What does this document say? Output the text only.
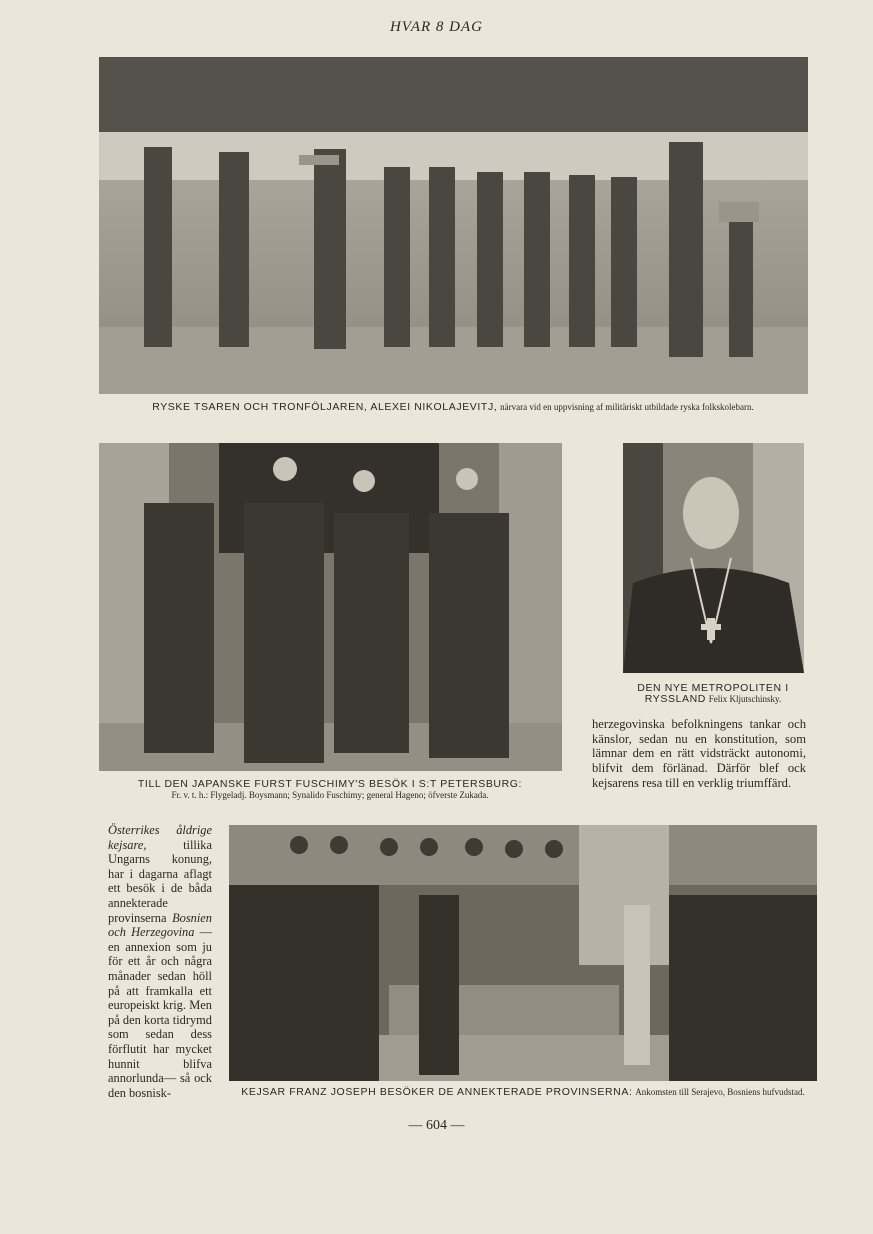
HVAR 8 DAG
RYSKE TSAREN OCH TRONFÖLJAREN, ALEXEI NIKOLAJEVITJ, närvara vid en uppvisning af militäriskt utbildade ryska folkskolebarn.
TILL DEN JAPANSKE FURST FUSCHIMY'S BESÖK I S:T PETERSBURG:
Fr. v. t. h.: Flygeladj. Boysmann; Synalido Fuschimy; general Hageno; öfverste Zukada.
DEN NYE METROPOLITEN I RYSSLAND Felix Kljutschinsky.
herzegovinska befolkningens tankar och känslor, sedan nu en konstitution, som lämnar dem en rätt vidsträckt autonomi, blifvit dem förlänad. Därför blef ock kejsarens resa till en verklig triumffärd.
Österrikes åldrige kejsare,	tillika Ungarns konung, har i dagarna aflagt ett besök i de båda annekterade provinserna Bosnien och Herzegovina — en annexion som ju för ett år och några månader sedan höll på att framkalla ett europeiskt krig. Men på den korta tidrymd som sedan dess förflutit har mycket hunnit blifva annorlunda— så ock den bosnisk-	KEJSAR FRANZ JOSEPH BESÖKER DE ANNEKTERADE PROVINSERNA: Ankomsten till Serajevo, Bosniens hufvudstad.
— 604 —
